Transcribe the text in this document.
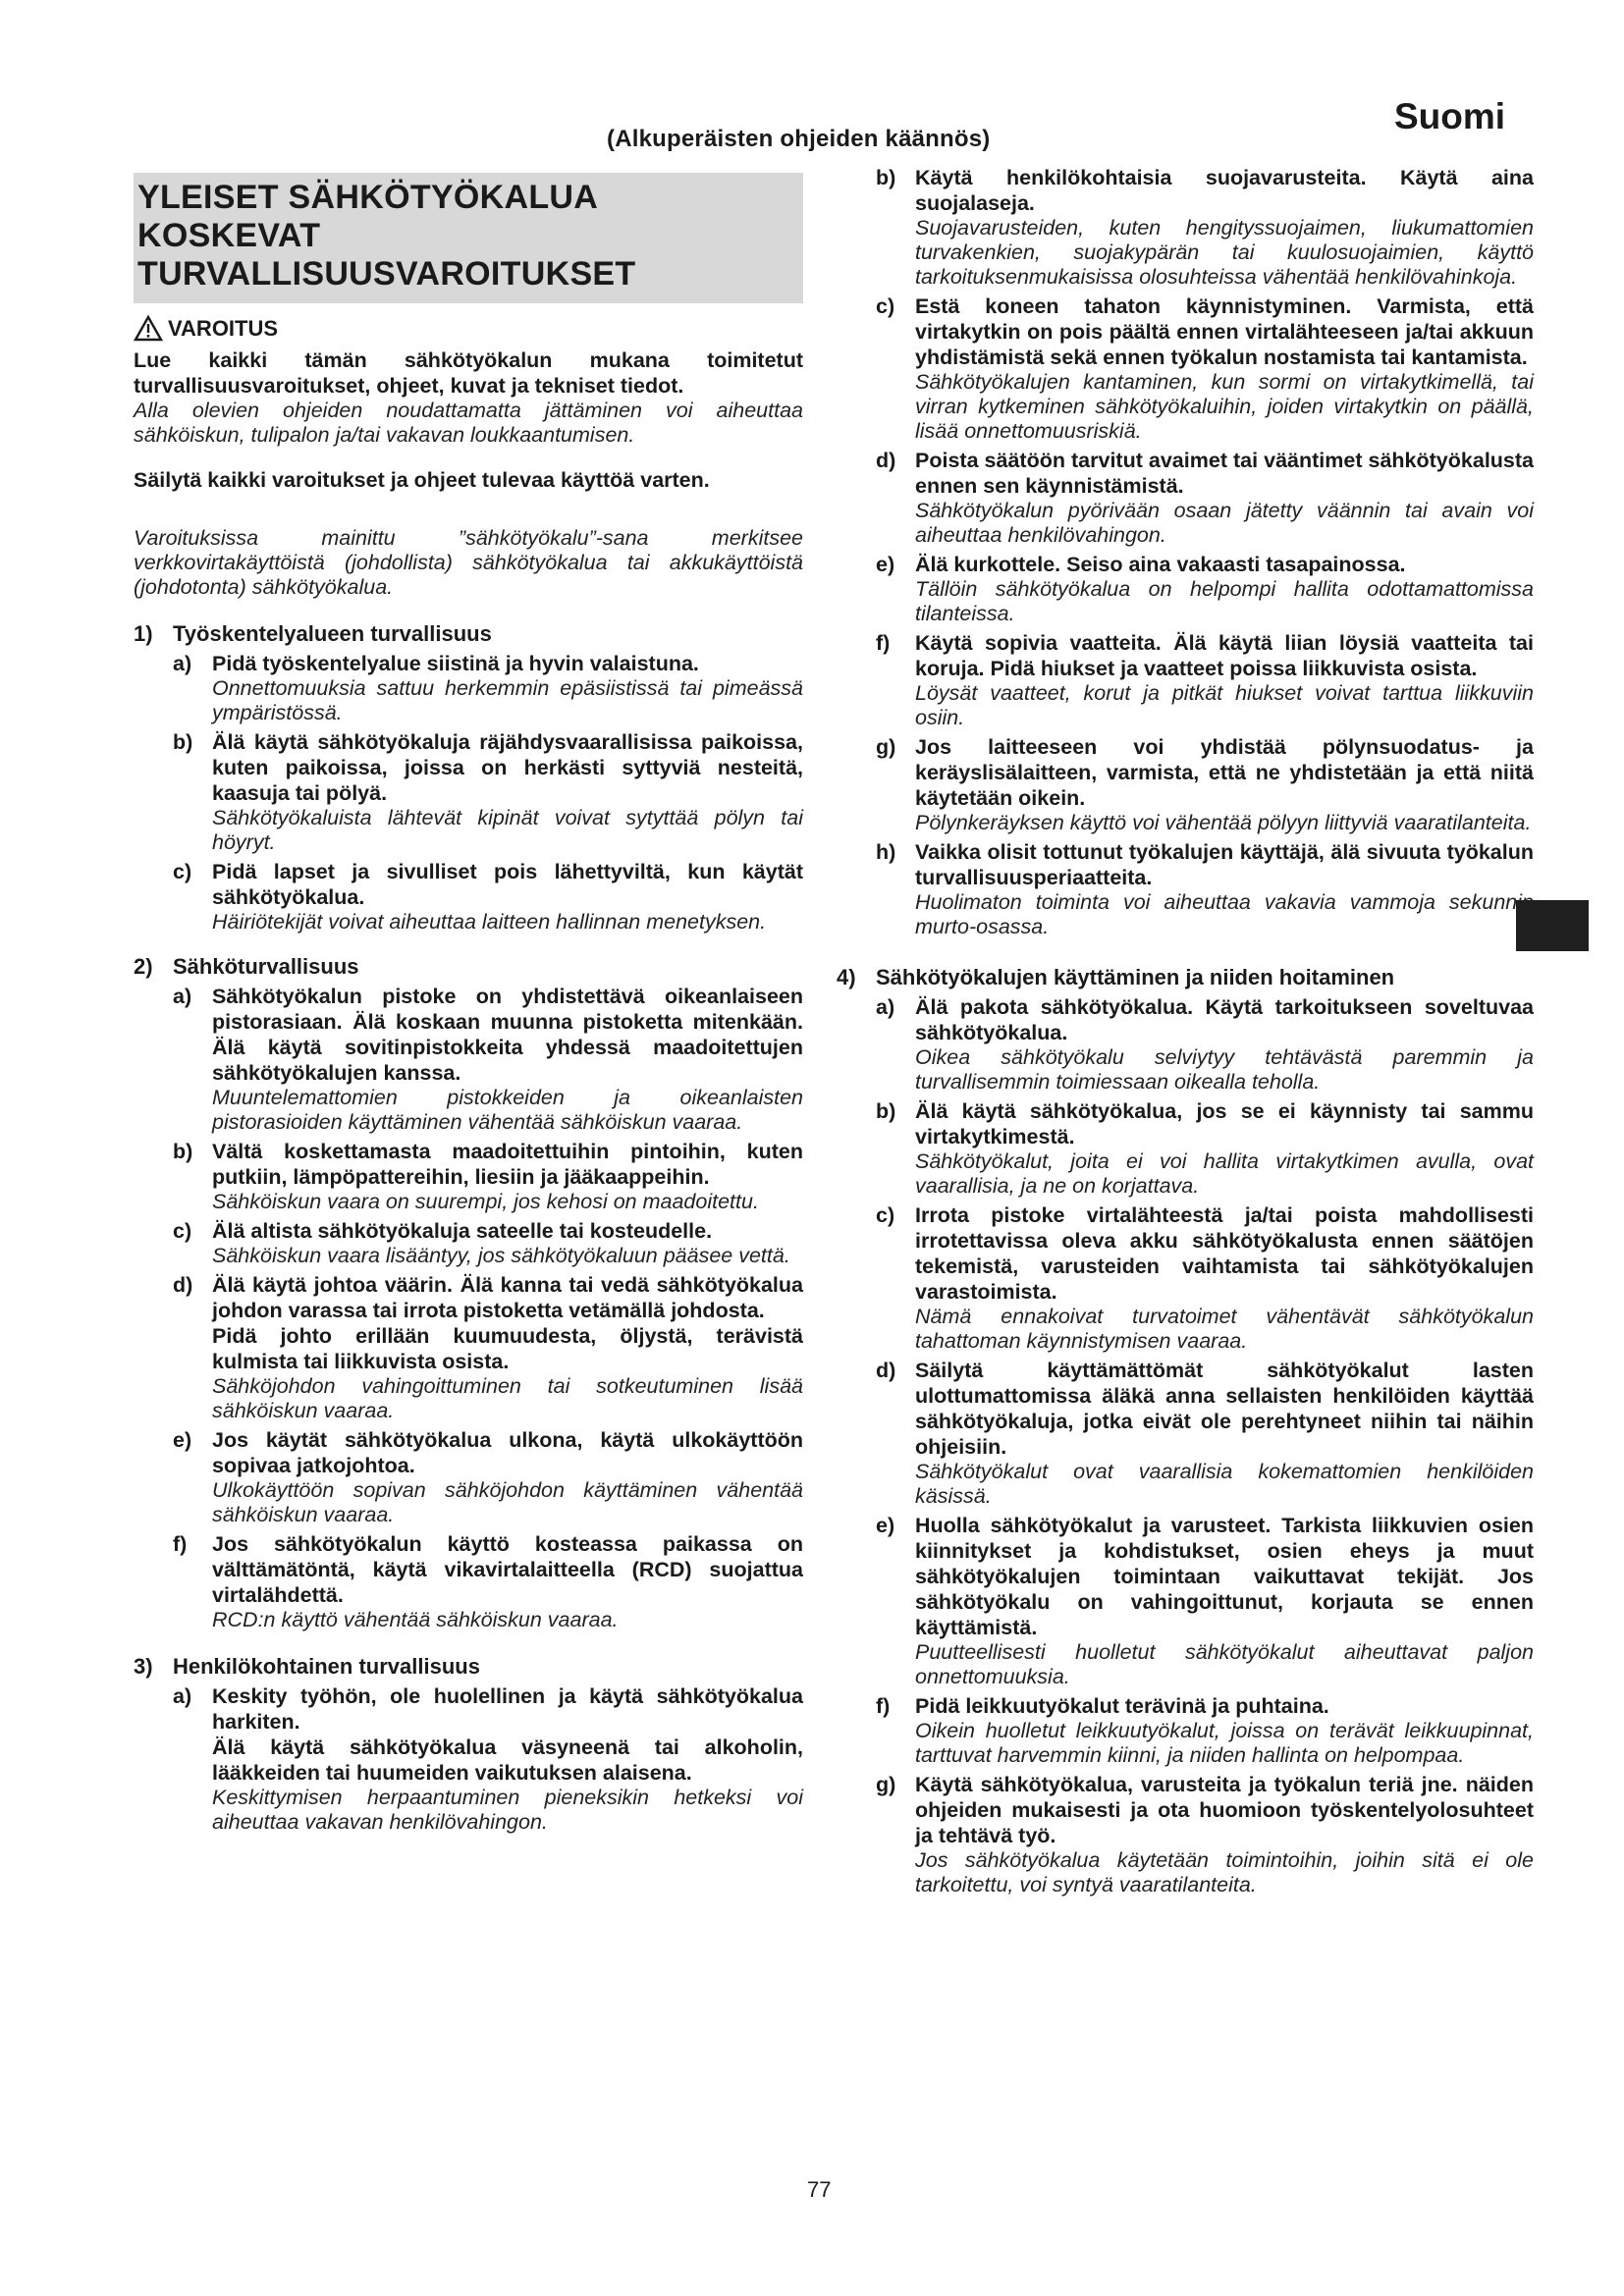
(Alkuperäisten ohjeiden käännös)
Suomi
77
YLEISET SÄHKÖTYÖKALUA
KOSKEVAT
TURVALLISUUSVAROITUKSET
VAROITUS

Lue kaikki tämän sähkötyökalun mukana toimitetut turvallisuusvaroitukset, ohjeet, kuvat ja tekniset tiedot.

Alla olevien ohjeiden noudattamatta jättäminen voi aiheuttaa sähköiskun, tulipalon ja/tai vakavan loukkaantumisen.

Säilytä kaikki varoitukset ja ohjeet tulevaa käyttöä varten.

Varoituksissa mainittu ”sähkötyökalu”-sana merkitsee verkkovirtakäyttöistä (johdollista) sähkötyökalua tai akkukäyttöistä (johdotonta) sähkötyökalua.

1) Työskentelyalueen turvallisuus
a) Pidä työskentelyalue siistinä ja hyvin valaistuna.

Onnettomuuksia sattuu herkemmin epäsiistissä tai pimeässä ympäristössä.

b) Älä käytä sähkötyökaluja räjähdysvaarallisissa paikoissa, kuten paikoissa, joissa on herkästi syttyviä nesteitä, kaasuja tai pölyä.

Sähkötyökaluista lähtevät kipinät voivat sytyttää pölyn tai höyryt.

c) Pidä lapset ja sivulliset pois lähettyviltä, kun käytät sähkötyökalua.

Häiriötekijät voivat aiheuttaa laitteen hallinnan menetyksen.

2) Sähköturvallisuus
a) Sähkötyökalun pistoke on yhdistettävä oikeanlaiseen pistorasiaan. Älä koskaan muunna pistoketta mitenkään. Älä käytä sovitinpistokkeita yhdessä maadoitettujen sähkötyökalujen kanssa.

Muuntelemattomien pistokkeiden ja oikeanlaisten pistorasioiden käyttäminen vähentää sähköiskun vaaraa.

b) Vältä koskettamasta maadoitettuihin pintoihin, kuten putkiin, lämpöpattereihin, liesiin ja jääkaappeihin.

Sähköiskun vaara on suurempi, jos kehosi on maadoitettu.

c) Älä altista sähkötyökaluja sateelle tai kosteudelle.

Sähköiskun vaara lisääntyy, jos sähkötyökaluun pääsee vettä.

d) Älä käytä johtoa väärin. Älä kanna tai vedä sähkötyökalua johdon varassa tai irrota pistoketta vetämällä johdosta.

Pidä johto erillään kuumuudesta, öljystä, terävistä kulmista tai liikkuvista osista.

Sähköjohdon vahingoittuminen tai sotkeutuminen lisää sähköiskun vaaraa.

e) Jos käytät sähkötyökalua ulkona, käytä ulkokäyttöön sopivaa jatkojohtoa.

Ulkokäyttöön sopivan sähköjohdon käyttäminen vähentää sähköiskun vaaraa.

f)	Jos sähkötyökalun käyttö kosteassa paikassa on välttämätöntä, käytä vikavirtalaitteella (RCD) suojattua virtalähdettä.

RCD:n käyttö vähentää sähköiskun vaaraa.

3) Henkilökohtainen turvallisuus
a) Keskity työhön, ole huolellinen ja käytä sähkötyökalua harkiten.

Älä käytä sähkötyökalua väsyneenä tai alkoholin, lääkkeiden tai huumeiden vaikutuksen alaisena.

Keskittymisen herpaantuminen pieneksikin hetkeksi voi aiheuttaa vakavan henkilövahingon.

b) Käytä henkilökohtaisia suojavarusteita. Käytä aina suojalaseja.

Suojavarusteiden, kuten hengityssuojaimen, liukumattomien turvakenkien, suojakypärän tai kuulosuojaimien, käyttö tarkoituksenmukaisissa olosuhteissa vähentää henkilövahinkoja.

c) Estä koneen tahaton käynnistyminen. Varmista, että virtakytkin on pois päältä ennen virtalähteeseen ja/tai akkuun yhdistämistä sekä ennen työkalun nostamista tai kantamista.

Sähkötyökalujen kantaminen, kun sormi on virtakytkimellä, tai virran kytkeminen sähkötyökaluihin, joiden virtakytkin on päällä, lisää onnettomuusriskiä.

d) Poista säätöön tarvitut avaimet tai vääntimet sähkötyökalusta ennen sen käynnistämistä.

Sähkötyökalun pyörivään osaan jätetty väännin tai avain voi aiheuttaa henkilövahingon.

e) Älä kurkottele. Seiso aina vakaasti tasapainossa.

Tällöin sähkötyökalua on helpompi hallita odottamattomissa tilanteissa.

f)	Käytä sopivia vaatteita. Älä käytä liian löysiä vaatteita tai koruja. Pidä hiukset ja vaatteet poissa liikkuvista osista.

Löysät vaatteet, korut ja pitkät hiukset voivat tarttua liikkuviin osiin.

g) Jos laitteeseen voi yhdistää pölynsuodatus- ja keräyslisälaitteen, varmista, että ne yhdistetään ja että niitä käytetään oikein.

Pölynkeräyksen käyttö voi vähentää pölyyn liittyviä vaaratilanteita.

h) Vaikka olisit tottunut työkalujen käyttäjä, älä sivuuta työkalun turvallisuusperiaatteita.

Huolimaton toiminta voi aiheuttaa vakavia vammoja sekunnin murto-osassa.

4) Sähkötyökalujen käyttäminen ja niiden hoitaminen
a) Älä pakota sähkötyökalua. Käytä tarkoitukseen soveltuvaa sähkötyökalua.

Oikea sähkötyökalu selviytyy tehtävästä paremmin ja turvallisemmin toimiessaan oikealla teholla.

b) Älä käytä sähkötyökalua, jos se ei käynnisty tai sammu virtakytkimestä.

Sähkötyökalut, joita ei voi hallita virtakytkimen avulla, ovat vaarallisia, ja ne on korjattava.

c) Irrota pistoke virtalähteestä ja/tai poista mahdollisesti irrotettavissa oleva akku sähkötyökalusta ennen säätöjen tekemistä, varusteiden vaihtamista tai sähkötyökalujen varastoimista.

Nämä ennakoivat turvatoimet vähentävät sähkötyökalun tahattoman käynnistymisen vaaraa.

d) Säilytä käyttämättömät sähkötyökalut lasten ulottumattomissa äläkä anna sellaisten henkilöiden käyttää sähkötyökaluja, jotka eivät ole perehtyneet niihin tai näihin ohjeisiin.

Sähkötyökalut ovat vaarallisia kokemattomien henkilöiden käsissä.

e) Huolla sähkötyökalut ja varusteet. Tarkista liikkuvien osien kiinnitykset ja kohdistukset, osien eheys ja muut sähkötyökalujen toimintaan vaikuttavat tekijät. Jos sähkötyökalu on vahingoittunut, korjauta se ennen käyttämistä.

Puutteellisesti huolletut sähkötyökalut aiheuttavat paljon onnettomuuksia.

f)	Pidä leikkuutyökalut terävinä ja puhtaina.

Oikein huolletut leikkuutyökalut, joissa on terävät leikkuupinnat, tarttuvat harvemmin kiinni, ja niiden hallinta on helpompaa.

g) Käytä sähkötyökalua, varusteita ja työkalun teriä jne. näiden ohjeiden mukaisesti ja ota huomioon työskentelyolosuhteet ja tehtävä työ.

Jos sähkötyökalua käytetään toimintoihin, joihin sitä ei ole tarkoitettu, voi syntyä vaaratilanteita.
